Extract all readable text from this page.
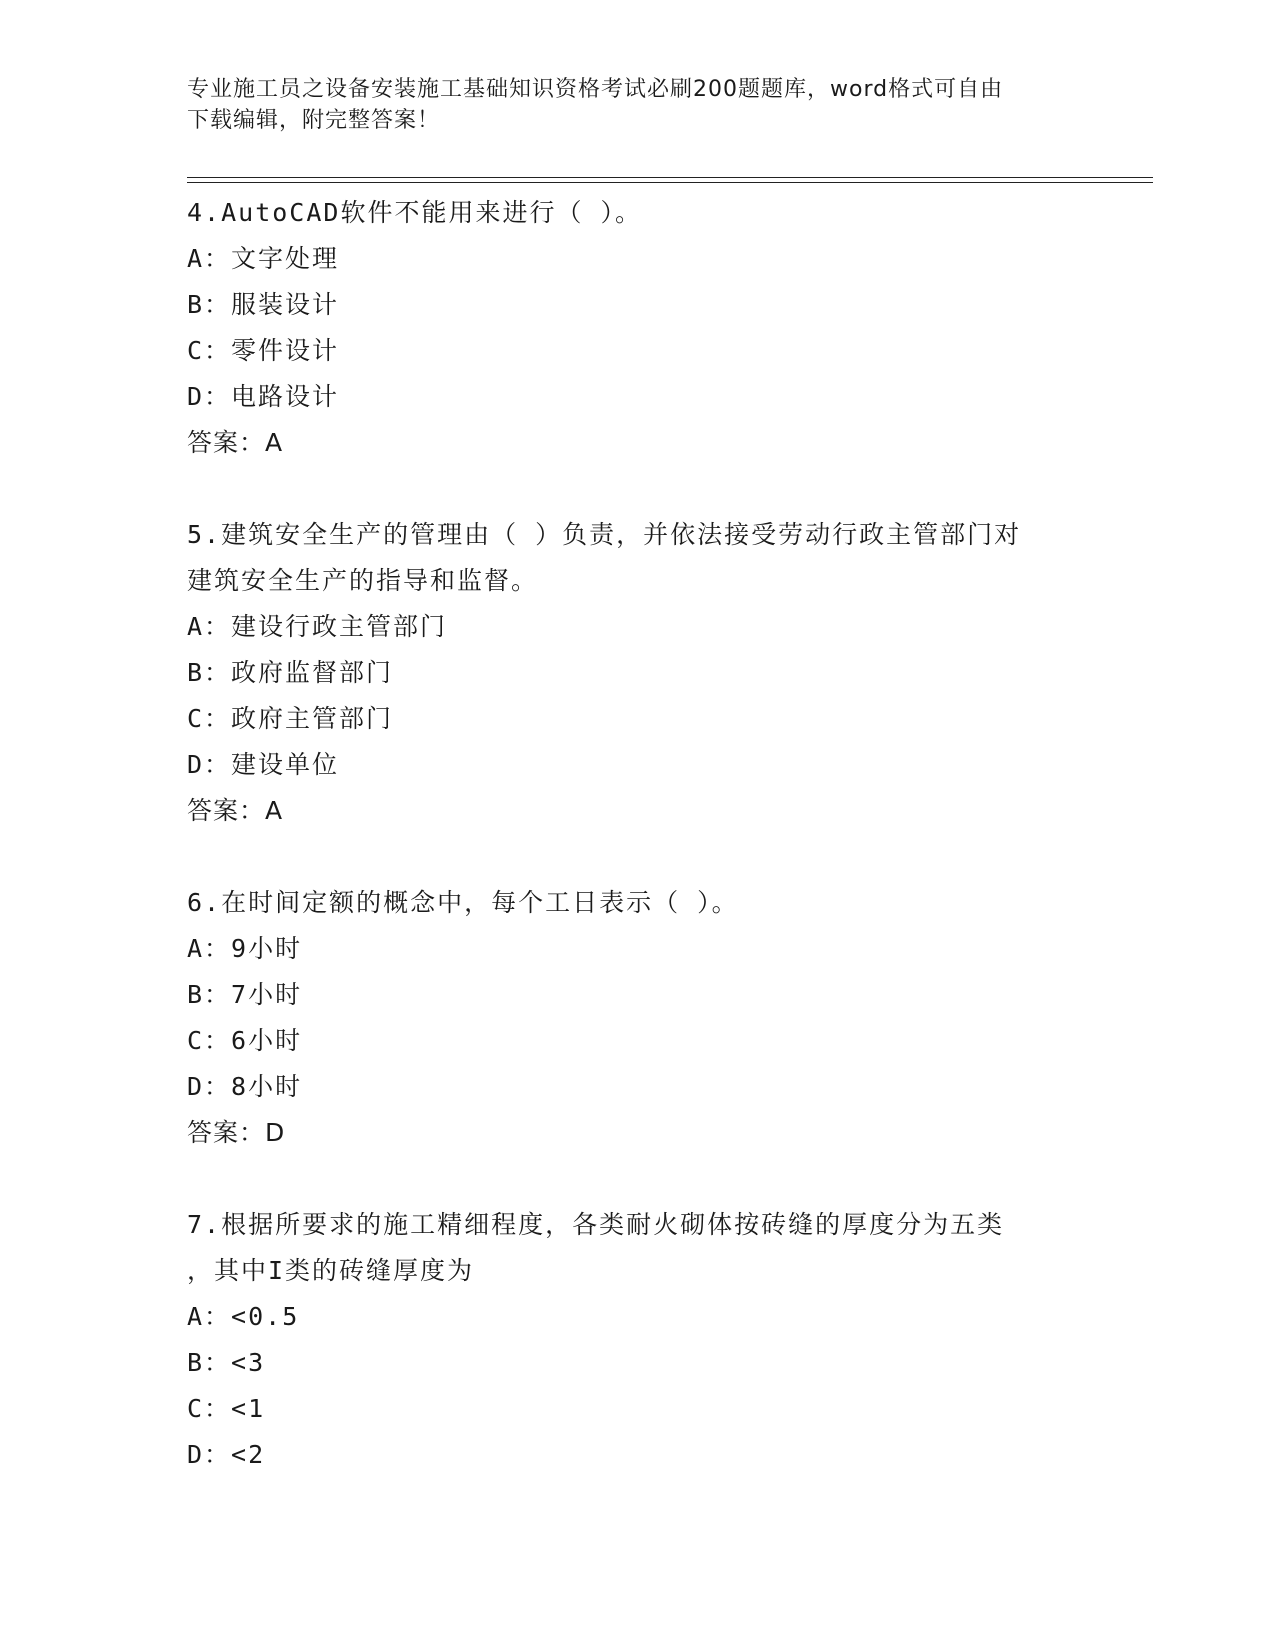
专业施工员之设备安装施工基础知识资格考试必刷200题题库，word格式可自由
下载编辑，附完整答案！
4.AutoCAD软件不能用来进行（ ）。
A：文字处理
B：服装设计
C：零件设计
D：电路设计
答案：A
5.建筑安全生产的管理由（ ）负责，并依法接受劳动行政主管部门对
建筑安全生产的指导和监督。
A：建设行政主管部门
B：政府监督部门
C：政府主管部门
D：建设单位
答案：A
6.在时间定额的概念中，每个工日表示（ ）。
A：9小时
B：7小时
C：6小时
D：8小时
答案：D
7.根据所要求的施工精细程度，各类耐火砌体按砖缝的厚度分为五类
，其中I类的砖缝厚度为
A：<0.5
B：<3
C：<1
D：<2
